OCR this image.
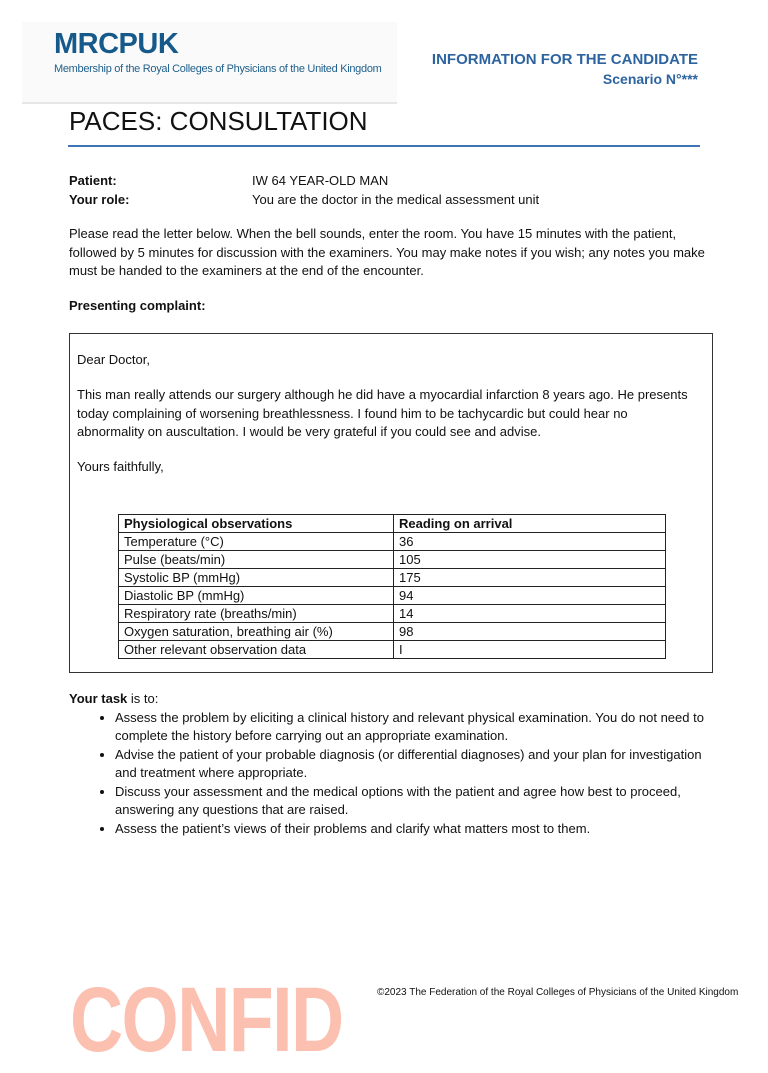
MRCPUK
Membership of the Royal Colleges of Physicians of the United Kingdom
INFORMATION FOR THE CANDIDATE
Scenario N°***
PACES: CONSULTATION
Patient:	IW 64 YEAR-OLD MAN
Your role:	You are the doctor in the medical assessment unit
Please read the letter below. When the bell sounds, enter the room. You have 15 minutes with the patient, followed by 5 minutes for discussion with the examiners. You may make notes if you wish; any notes you make must be handed to the examiners at the end of the encounter.
Presenting complaint:
Dear Doctor,
This man really attends our surgery although he did have a myocardial infarction 8 years ago. He presents today complaining of worsening breathlessness. I found him to be tachycardic but could hear no abnormality on auscultation. I would be very grateful if you could see and advise.
Yours faithfully,
Physiological observations	Reading on arrival
Temperature (°C)	36
Pulse (beats/min)	105
Systolic BP (mmHg)	175
Diastolic BP (mmHg)	94
Respiratory rate (breaths/min)	14
Oxygen saturation, breathing air (%)	98
Other relevant observation data	I
Your task is to:
• Assess the problem by eliciting a clinical history and relevant physical examination. You do not need to complete the history before carrying out an appropriate examination.
• Advise the patient of your probable diagnosis (or differential diagnoses) and your plan for investigation and treatment where appropriate.
• Discuss your assessment and the medical options with the patient and agree how best to proceed, answering any questions that are raised.
• Assess the patient’s views of their problems and clarify what matters most to them.
CONFID	©2023 The Federation of the Royal Colleges of Physicians of the United Kingdom
